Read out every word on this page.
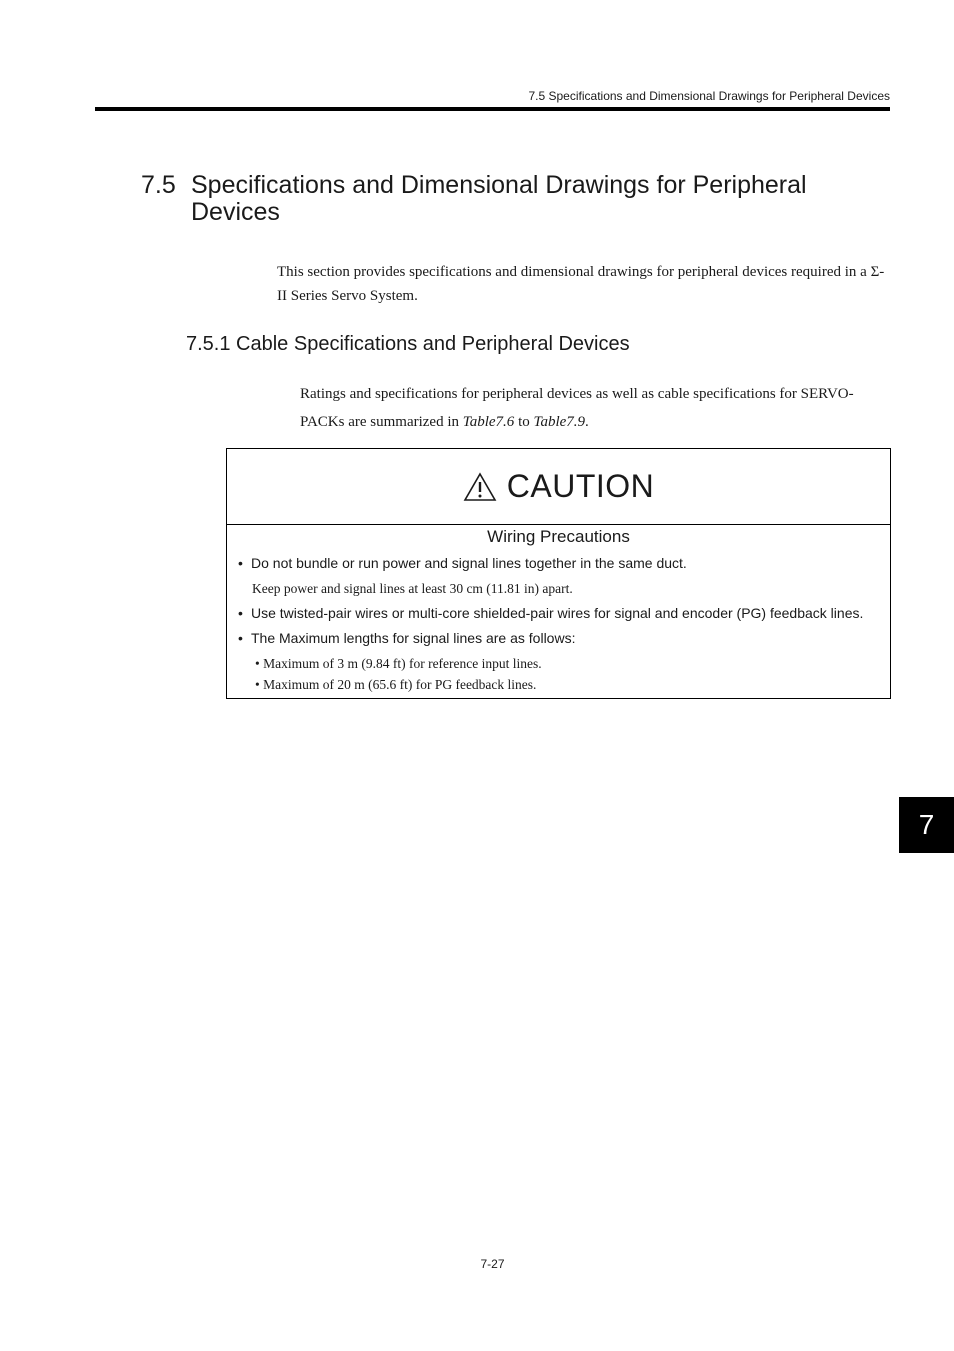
7.5 Specifications and Dimensional Drawings for Peripheral Devices
7.5 Specifications and Dimensional Drawings for Peripheral Devices
This section provides specifications and dimensional drawings for peripheral devices required in a Σ-II Series Servo System.
7.5.1 Cable Specifications and Peripheral Devices
Ratings and specifications for peripheral devices as well as cable specifications for SERVO-PACKs are summarized in Table7.6 to Table7.9.
CAUTION
Wiring Precautions
• Do not bundle or run power and signal lines together in the same duct.
Keep power and signal lines at least 30 cm (11.81 in) apart.
• Use twisted-pair wires or multi-core shielded-pair wires for signal and encoder (PG) feedback lines.
• The Maximum lengths for signal lines are as follows:
• Maximum of 3 m (9.84 ft) for reference input lines.
• Maximum of 20 m (65.6 ft) for PG feedback lines.
7-27
7
